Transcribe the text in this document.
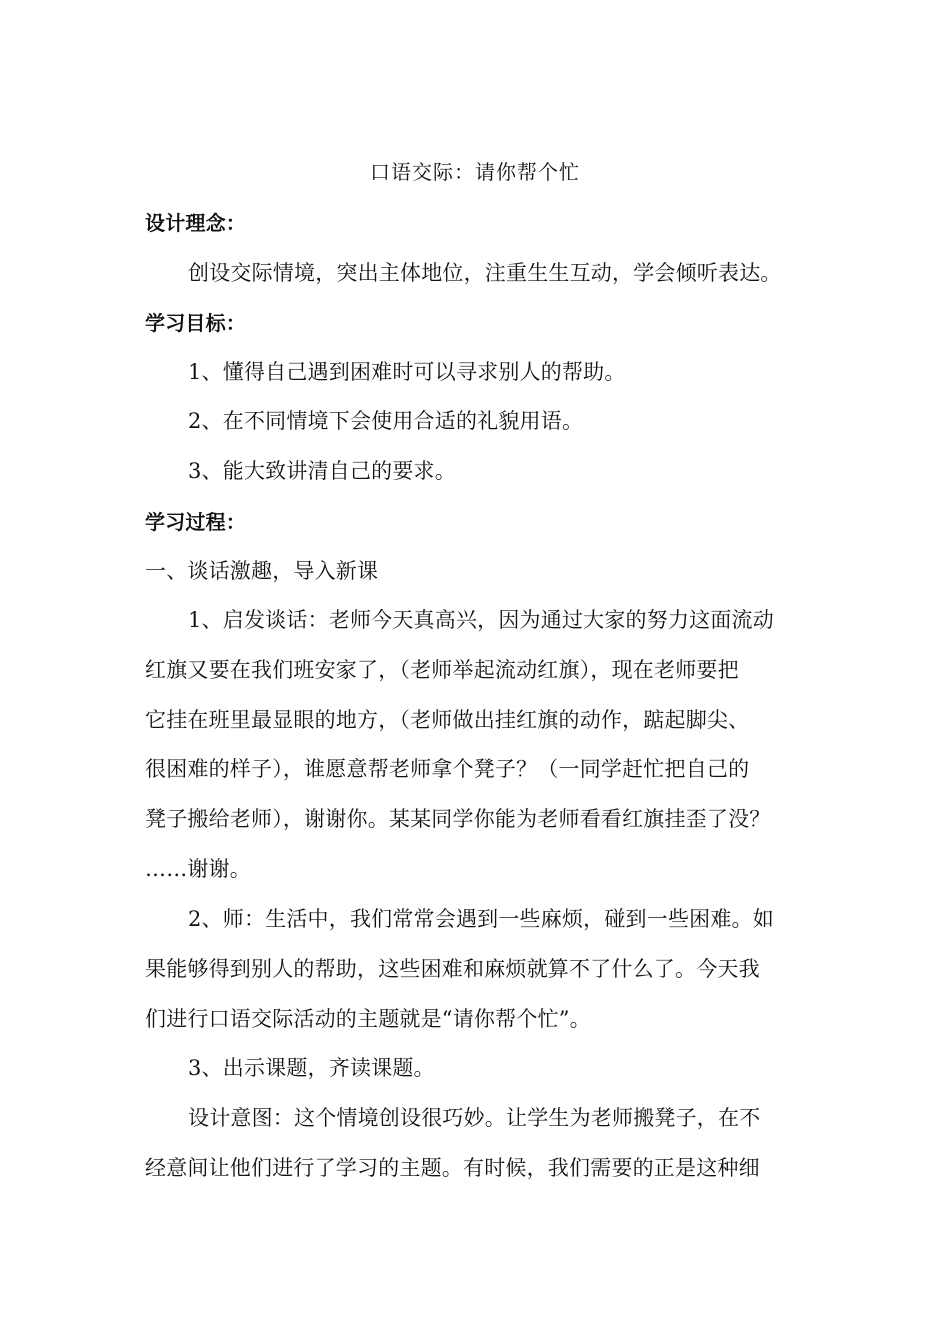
口语交际：请你帮个忙
设计理念：
创设交际情境，突出主体地位，注重生生互动，学会倾听表达。
学习目标：
1、懂得自己遇到困难时可以寻求别人的帮助。
2、在不同情境下会使用合适的礼貌用语。
3、能大致讲清自己的要求。
学习过程：
一、谈话激趣，导入新课
1、启发谈话：老师今天真高兴，因为通过大家的努力这面流动
红旗又要在我们班安家了，（老师举起流动红旗），现在老师要把
它挂在班里最显眼的地方，（老师做出挂红旗的动作，踮起脚尖、
很困难的样子），谁愿意帮老师拿个凳子？（一同学赶忙把自己的
凳子搬给老师），谢谢你。某某同学你能为老师看看红旗挂歪了没？
……谢谢。
2、师：生活中，我们常常会遇到一些麻烦，碰到一些困难。如
果能够得到别人的帮助，这些困难和麻烦就算不了什么了。今天我
们进行口语交际活动的主题就是“请你帮个忙”。
3、出示课题，齐读课题。
设计意图：这个情境创设很巧妙。让学生为老师搬凳子，在不
经意间让他们进行了学习的主题。有时候，我们需要的正是这种细
